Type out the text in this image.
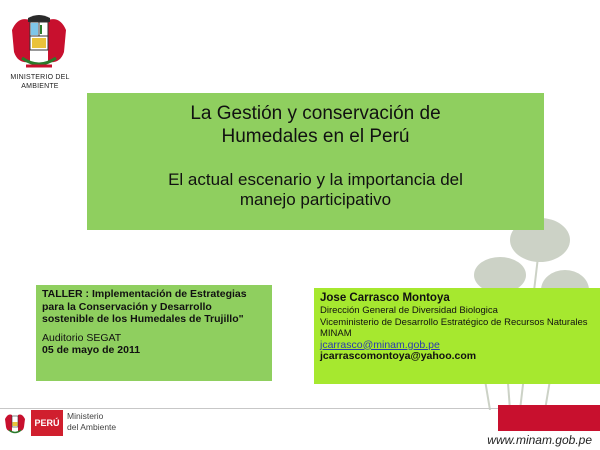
MINISTERIO DEL AMBIENTE
La Gestión y conservación de
Humedales en el Perú
El actual escenario y la importancia del
manejo participativo
TALLER : Implementación de Estrategias para la Conservación y Desarrollo sostenible de los Humedales de Trujillo"
Auditorio SEGAT
05 de mayo de 2011
Jose Carrasco Montoya
Dirección General de Diversidad Biologica
Viceministerio de Desarrollo Estratégico de Recursos Naturales
MINAM
jcarrasco@minam.gob.pe
jcarrascomontoya@yahoo.com
PERÚ
Ministerio
del Ambiente
www.minam.gob.pe
